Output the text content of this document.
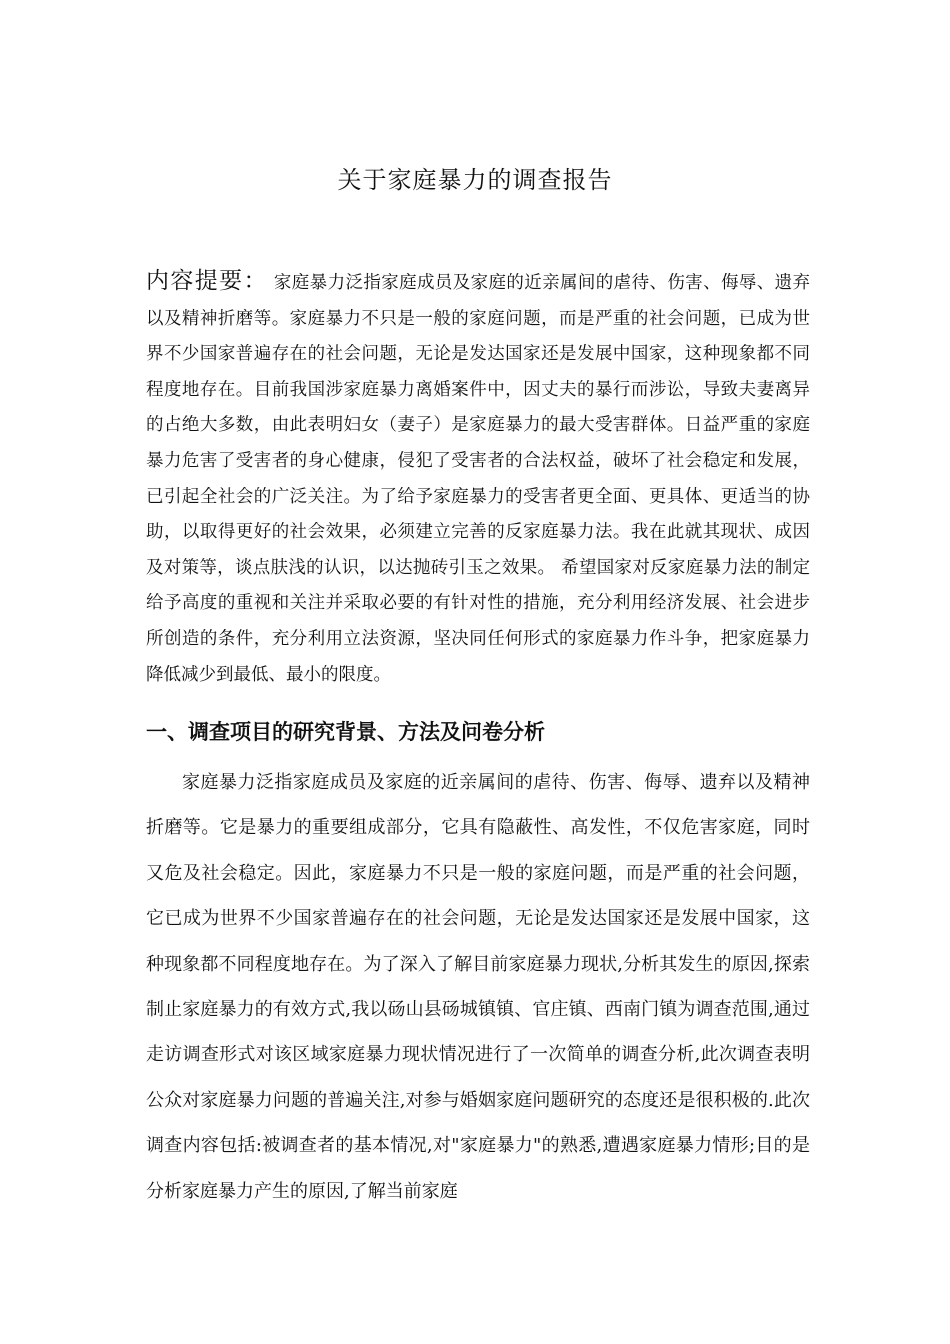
关于家庭暴力的调查报告

内容提要： 家庭暴力泛指家庭成员及家庭的近亲属间的虐待、伤害、侮辱、遗弃以及精神折磨等。家庭暴力不只是一般的家庭问题，而是严重的社会问题，已成为世界不少国家普遍存在的社会问题，无论是发达国家还是发展中国家，这种现象都不同程度地存在。目前我国涉家庭暴力离婚案件中，因丈夫的暴行而涉讼，导致夫妻离异的占绝大多数，由此表明妇女（妻子）是家庭暴力的最大受害群体。日益严重的家庭暴力危害了受害者的身心健康，侵犯了受害者的合法权益，破坏了社会稳定和发展，已引起全社会的广泛关注。为了给予家庭暴力的受害者更全面、更具体、更适当的协助，以取得更好的社会效果，必须建立完善的反家庭暴力法。我在此就其现状、成因及对策等，谈点肤浅的认识，以达抛砖引玉之效果。 希望国家对反家庭暴力法的制定给予高度的重视和关注并采取必要的有针对性的措施，充分利用经济发展、社会进步所创造的条件，充分利用立法资源，坚决同任何形式的家庭暴力作斗争，把家庭暴力降低减少到最低、最小的限度。

一、调查项目的研究背景、方法及问卷分析

家庭暴力泛指家庭成员及家庭的近亲属间的虐待、伤害、侮辱、遗弃以及精神折磨等。它是暴力的重要组成部分，它具有隐蔽性、高发性，不仅危害家庭，同时又危及社会稳定。因此，家庭暴力不只是一般的家庭问题，而是严重的社会问题，它已成为世界不少国家普遍存在的社会问题，无论是发达国家还是发展中国家，这种现象都不同程度地存在。为了深入了解目前家庭暴力现状,分析其发生的原因,探索制止家庭暴力的有效方式,我以砀山县砀城镇镇、官庄镇、西南门镇为调查范围,通过走访调查形式对该区域家庭暴力现状情况进行了一次简单的调查分析,此次调查表明公众对家庭暴力问题的普遍关注,对参与婚姻家庭问题研究的态度还是很积极的.此次调查内容包括:被调查者的基本情况,对"家庭暴力"的熟悉,遭遇家庭暴力情形;目的是分析家庭暴力产生的原因,了解当前家庭
